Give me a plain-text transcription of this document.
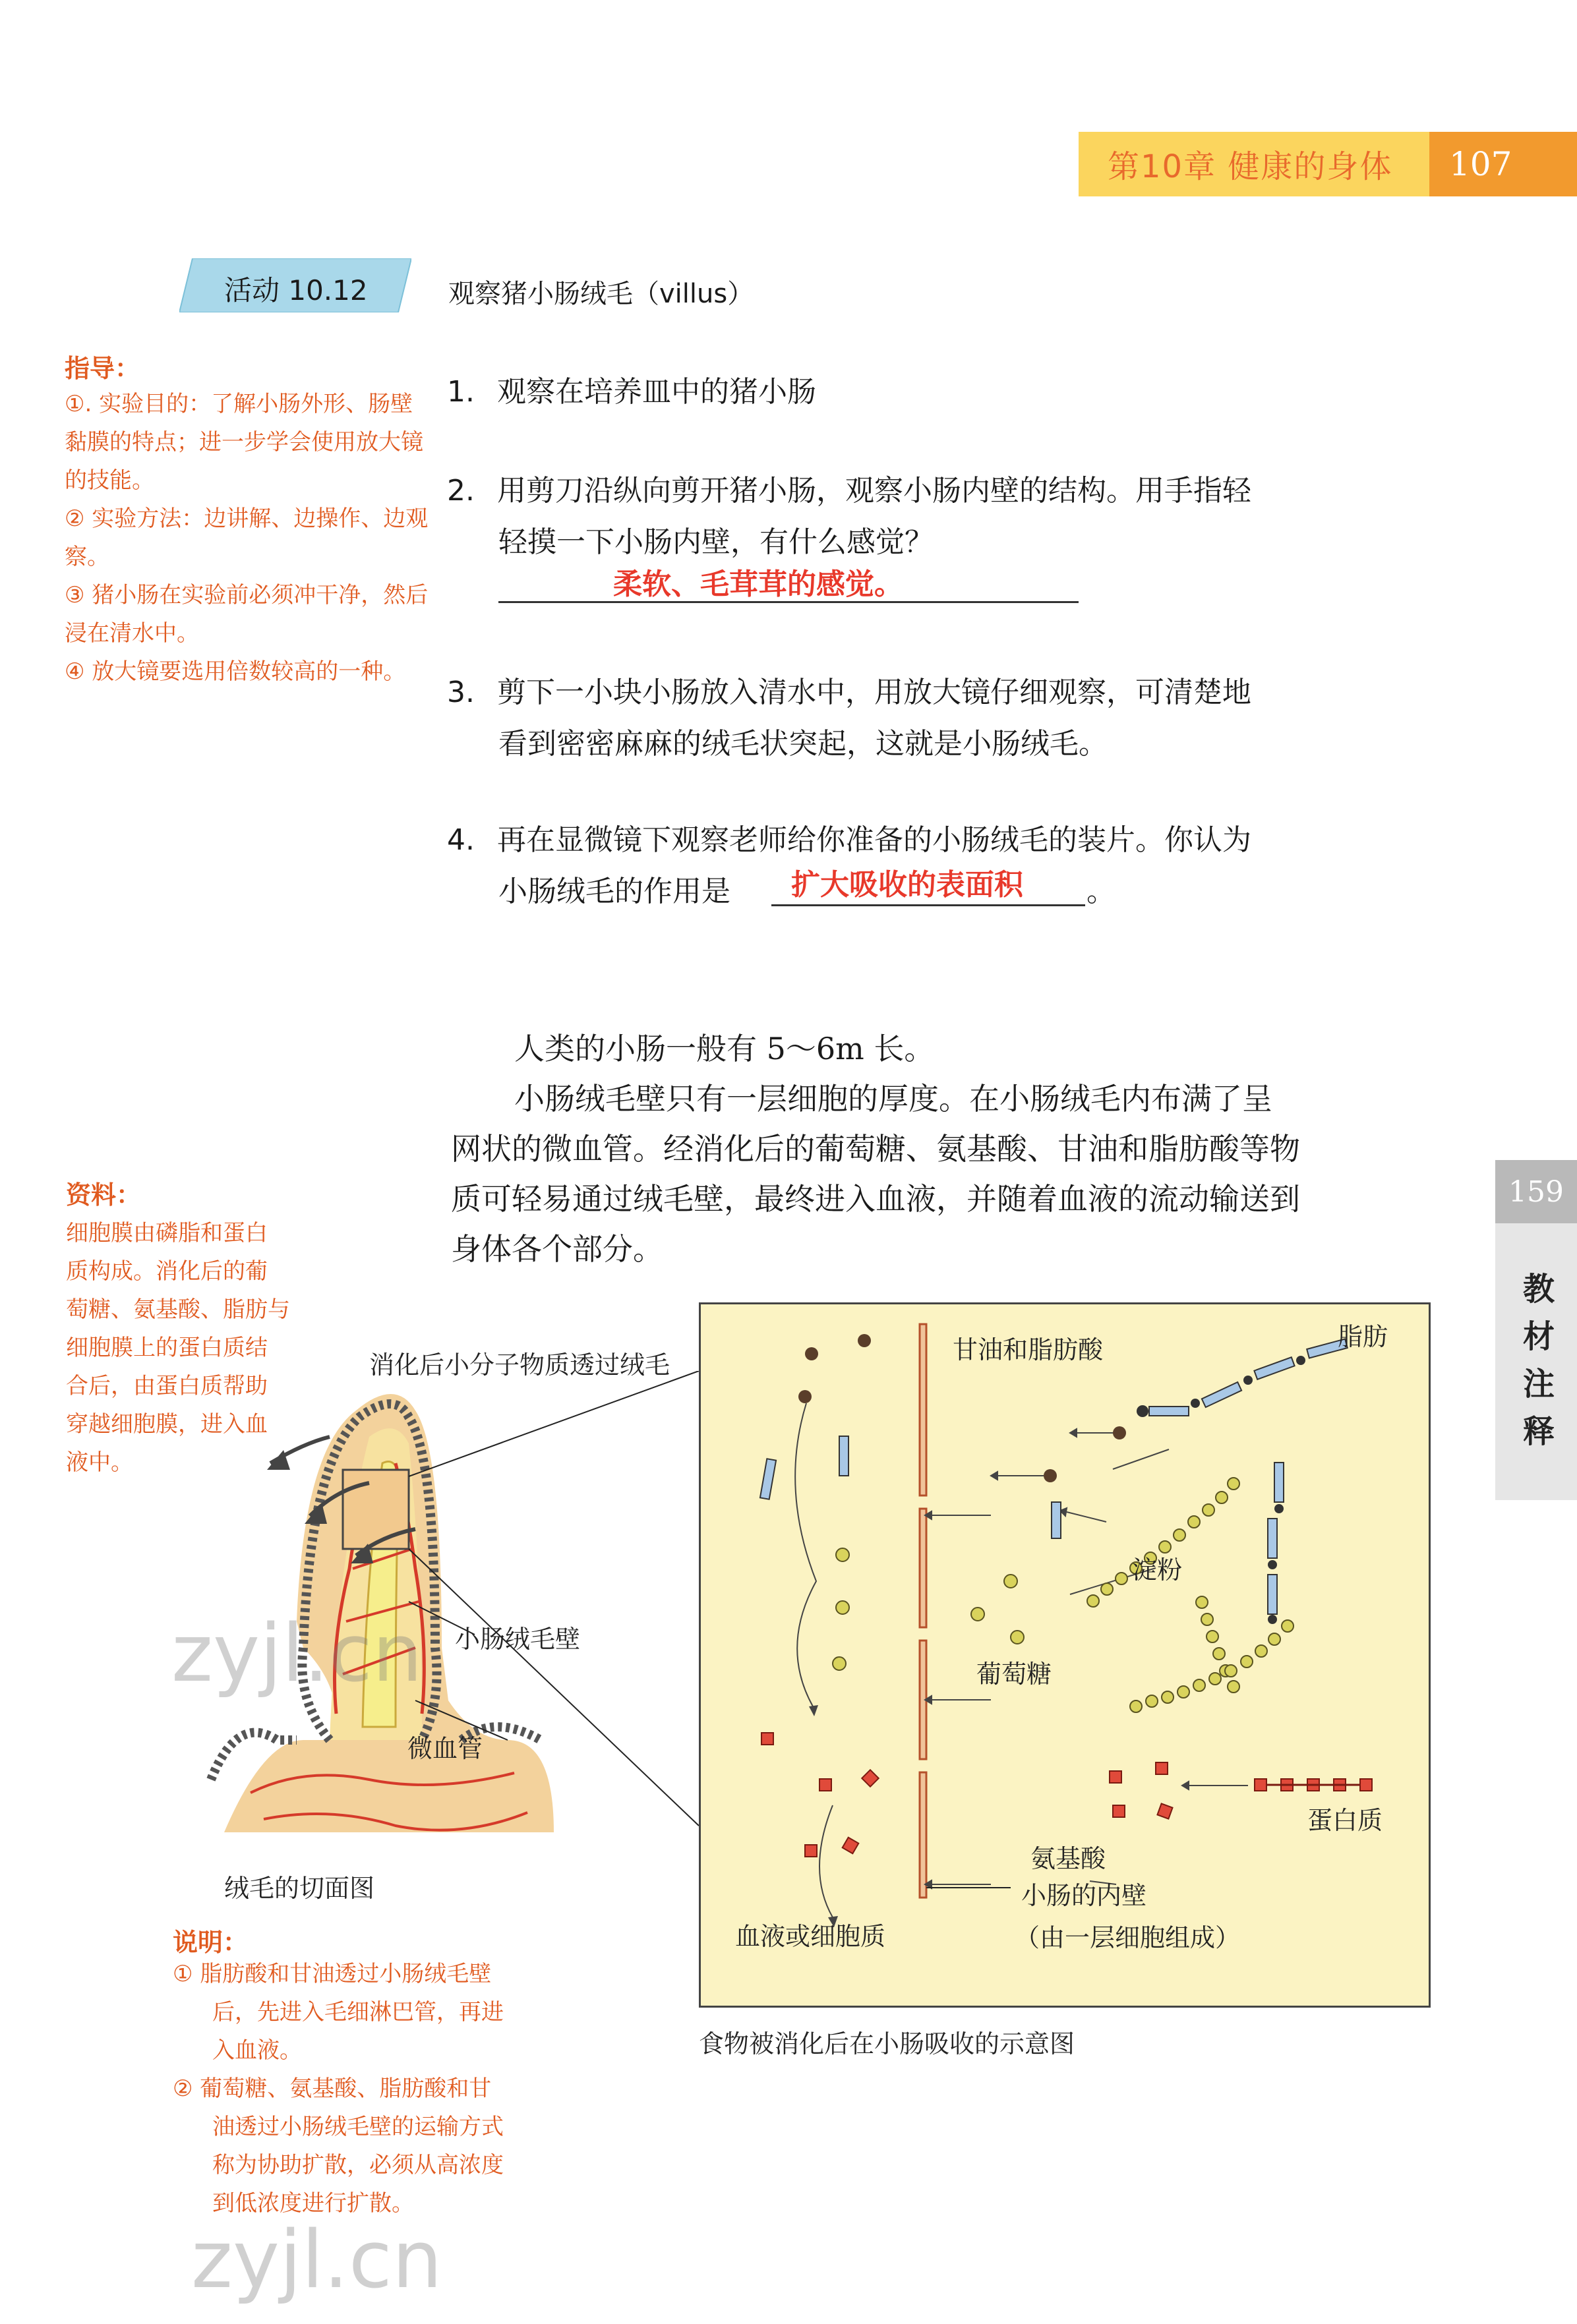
第10章 健康的身体	107
活动 10.12	观察猪小肠绒毛（villus）
指导：
①. 实验目的：了解小肠外形、肠壁黏膜的特点；进一步学会使用放大镜的技能。
② 实验方法：边讲解、边操作、边观察。
③ 猪小肠在实验前必须冲干净，然后浸在清水中。
④ 放大镜要选用倍数较高的一种。
1. 观察在培养皿中的猪小肠
2. 用剪刀沿纵向剪开猪小肠，观察小肠内壁的结构。用手指轻
轻摸一下小肠内壁，有什么感觉？
柔软、毛茸茸的感觉。
3. 剪下一小块小肠放入清水中，用放大镜仔细观察，可清楚地
看到密密麻麻的绒毛状突起，这就是小肠绒毛。
4. 再在显微镜下观察老师给你准备的小肠绒毛的装片。你认为
小肠绒毛的作用是	扩大吸收的表面积 。
人类的小肠一般有 5～6m 长。
小肠绒毛壁只有一层细胞的厚度。在小肠绒毛内布满了呈
网状的微血管。经消化后的葡萄糖、氨基酸、甘油和脂肪酸等物
质可轻易通过绒毛壁，最终进入血液，并随着血液的流动输送到
身体各个部分。
159
教材注释
资料：
细胞膜由磷脂和蛋白
质构成。消化后的葡
萄糖、氨基酸、脂肪与
细胞膜上的蛋白质结
合后，由蛋白质帮助
穿越细胞膜，进入血
液中。
消化后小分子物质透过绒毛
小肠绒毛壁
微血管
绒毛的切面图
说明：
① 脂肪酸和甘油透过小肠绒毛壁
后，先进入毛细淋巴管，再进
入血液。
② 葡萄糖、氨基酸、脂肪酸和甘
油透过小肠绒毛壁的运输方式
称为协助扩散，必须从高浓度
到低浓度进行扩散。
甘油和脂肪酸	脂肪
淀粉
葡萄糖
蛋白质
氨基酸
血液或细胞质
小肠的内壁
（由一层细胞组成）
食物被消化后在小肠吸收的示意图
zyjl.cn
zyjl.cn
